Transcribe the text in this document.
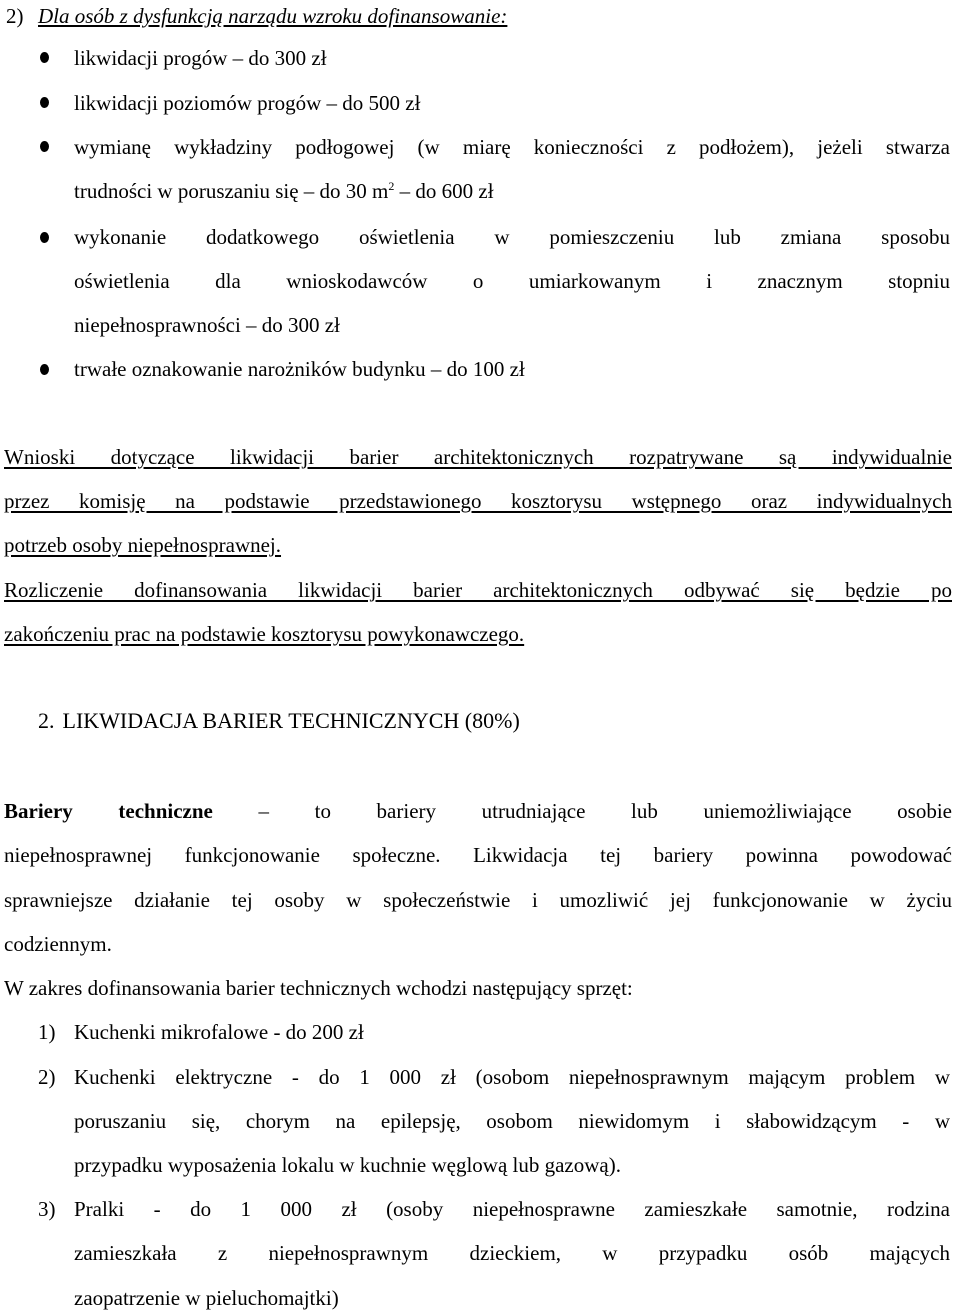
2) Dla osób z dysfunkcją narządu wzroku dofinansowanie:
likwidacji progów – do 300 zł
likwidacji poziomów progów – do 500 zł
wymianę wykładziny podłogowej (w miarę konieczności z podłożem), jeżeli stwarza
trudności w poruszaniu się – do 30 $m^2$ – do 600 zł
wykonanie dodatkowego oświetlenia w pomieszczeniu lub zmiana sposobu
oświetlenia dla wnioskodawców o umiarkowanym i znacznym stopniu
niepełnosprawności – do 300 zł
trwałe oznakowanie narożników budynku – do 100 zł
Wnioski dotyczące likwidacji barier architektonicznych rozpatrywane są indywidualnie
przez komisję na podstawie przedstawionego kosztorysu wstępnego oraz indywidualnych
potrzeb osoby niepełnosprawnej.
Rozliczenie dofinansowania likwidacji barier architektonicznych odbywać się będzie po
zakończeniu prac na podstawie kosztorysu powykonawczego.
2. LIKWIDACJA BARIER TECHNICZNYCH (80%)
Bariery techniczne – to bariery utrudniające lub uniemożliwiające osobie
niepełnosprawnej funkcjonowanie społeczne. Likwidacja tej bariery powinna powodować
sprawniejsze działanie tej osoby w społeczeństwie i umozliwić jej funkcjonowanie w życiu
codziennym.
W zakres dofinansowania barier technicznych wchodzi następujący sprzęt:
1) Kuchenki mikrofalowe - do 200 zł
2) Kuchenki elektryczne - do 1 000 zł (osobom niepełnosprawnym mającym problem w
poruszaniu się, chorym na epilepsję, osobom niewidomym i słabowidzącym - w
przypadku wyposażenia lokalu w kuchnie węglową lub gazową).
3) Pralki - do 1 000 zł (osoby niepełnosprawne zamieszkałe samotnie, rodzina
zamieszkała z niepełnosprawnym dzieckiem, w przypadku osób mających
zaopatrzenie w pieluchomajtki)
